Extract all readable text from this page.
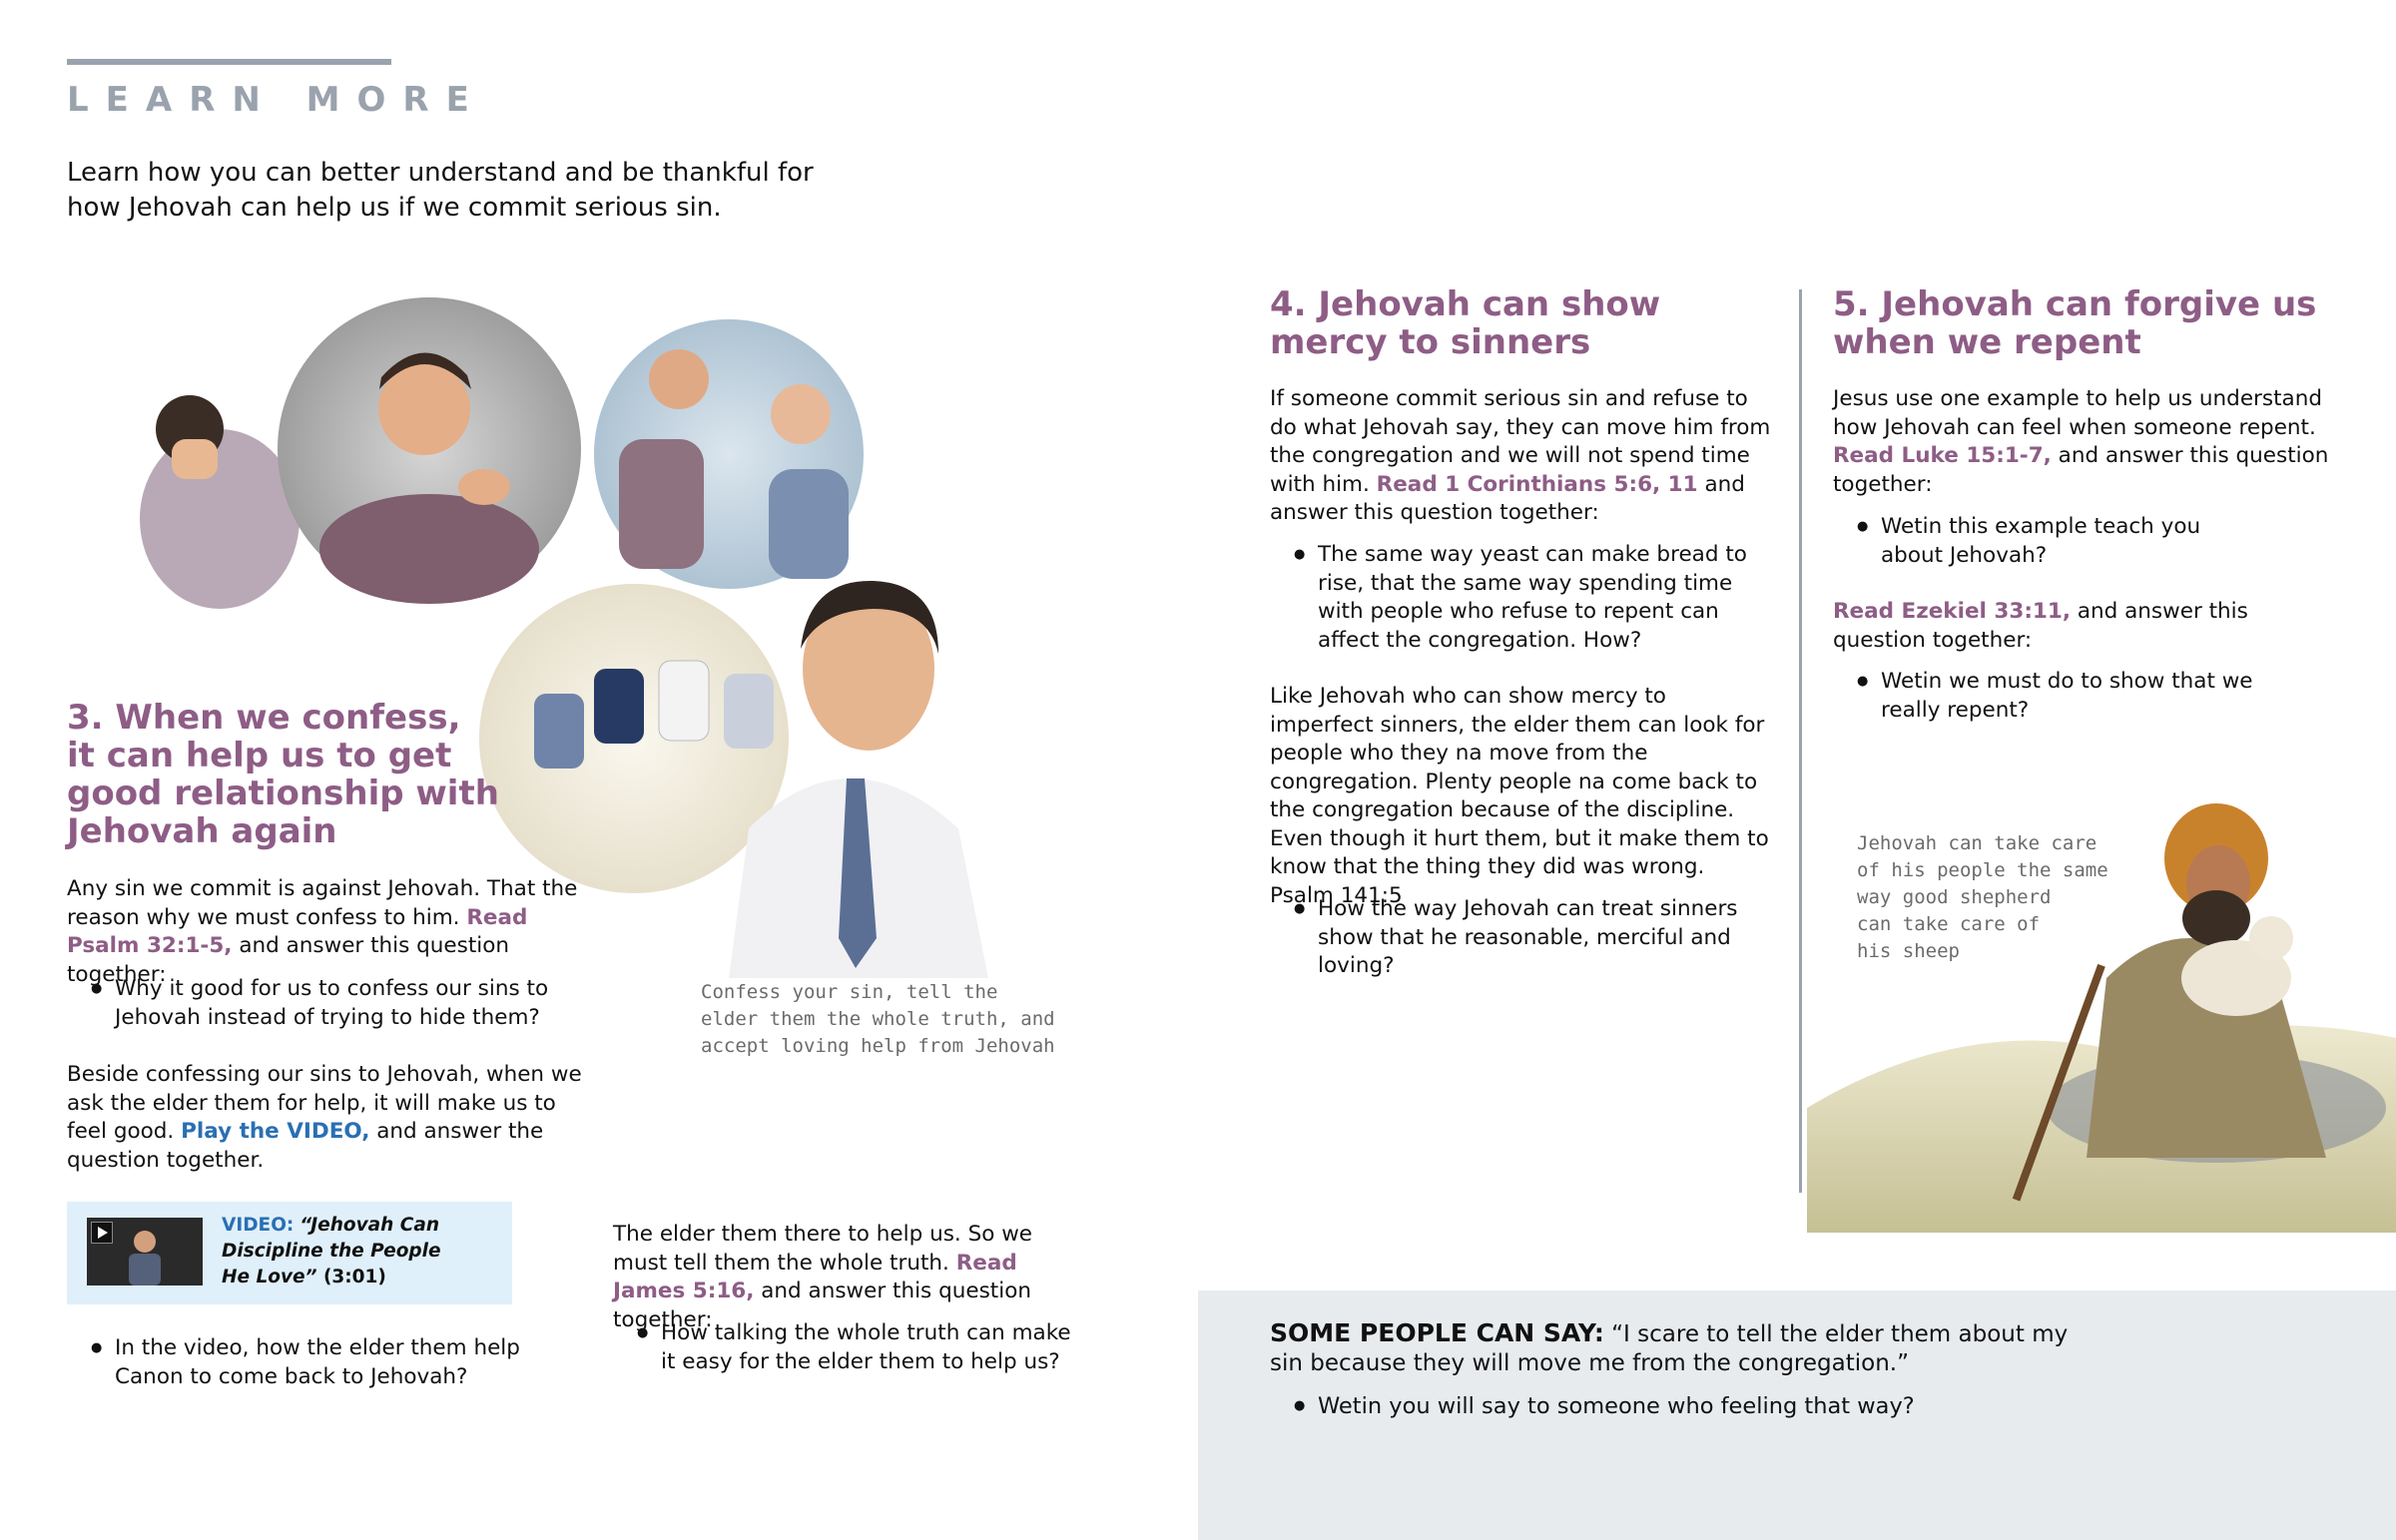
LEARN MORE
Learn how you can better understand and be thankful for how Jehovah can help us if we commit serious sin.
3. When we confess,
it can help us to get
good relationship with
Jehovah again
Any sin we commit is against Jehovah. That the reason why we must confess to him. Read Psalm 32:1-5, and answer this question together:
● Why it good for us to confess our sins to Jehovah instead of trying to hide them?
Beside confessing our sins to Jehovah, when we ask the elder them for help, it will make us to feel good. Play the VIDEO, and answer the question together.
VIDEO: “Jehovah Can
Discipline the People
He Love” (3:01)
● In the video, how the elder them help Canon to come back to Jehovah?
Confess your sin, tell the elder them the whole truth, and accept loving help from Jehovah
The elder them there to help us. So we must tell them the whole truth. Read James 5:16, and answer this question together:
● How talking the whole truth can make it easy for the elder them to help us?
4. Jehovah can show
mercy to sinners
If someone commit serious sin and refuse to do what Jehovah say, they can move him from the congregation and we will not spend time with him. Read 1 Corinthians 5:6, 11 and answer this question together:
● The same way yeast can make bread to rise, that the same way spending time with people who refuse to repent can affect the congregation. How?
Like Jehovah who can show mercy to imperfect sinners, the elder them can look for people who they na move from the congregation. Plenty people na come back to the congregation because of the discipline. Even though it hurt them, but it make them to know that the thing they did was wrong. Psalm 141:5
● How the way Jehovah can treat sinners show that he reasonable, merciful and loving?
5. Jehovah can forgive us
when we repent
Jesus use one example to help us understand how Jehovah can feel when someone repent. Read Luke 15:1-7, and answer this question together:
● Wetin this example teach you about Jehovah?
Read Ezekiel 33:11, and answer this question together:
● Wetin we must do to show that we really repent?
Jehovah can take care
of his people the same
way good shepherd
can take care of
his sheep
SOME PEOPLE CAN SAY: “I scare to tell the elder them about my sin because they will move me from the congregation.”
● Wetin you will say to someone who feeling that way?
